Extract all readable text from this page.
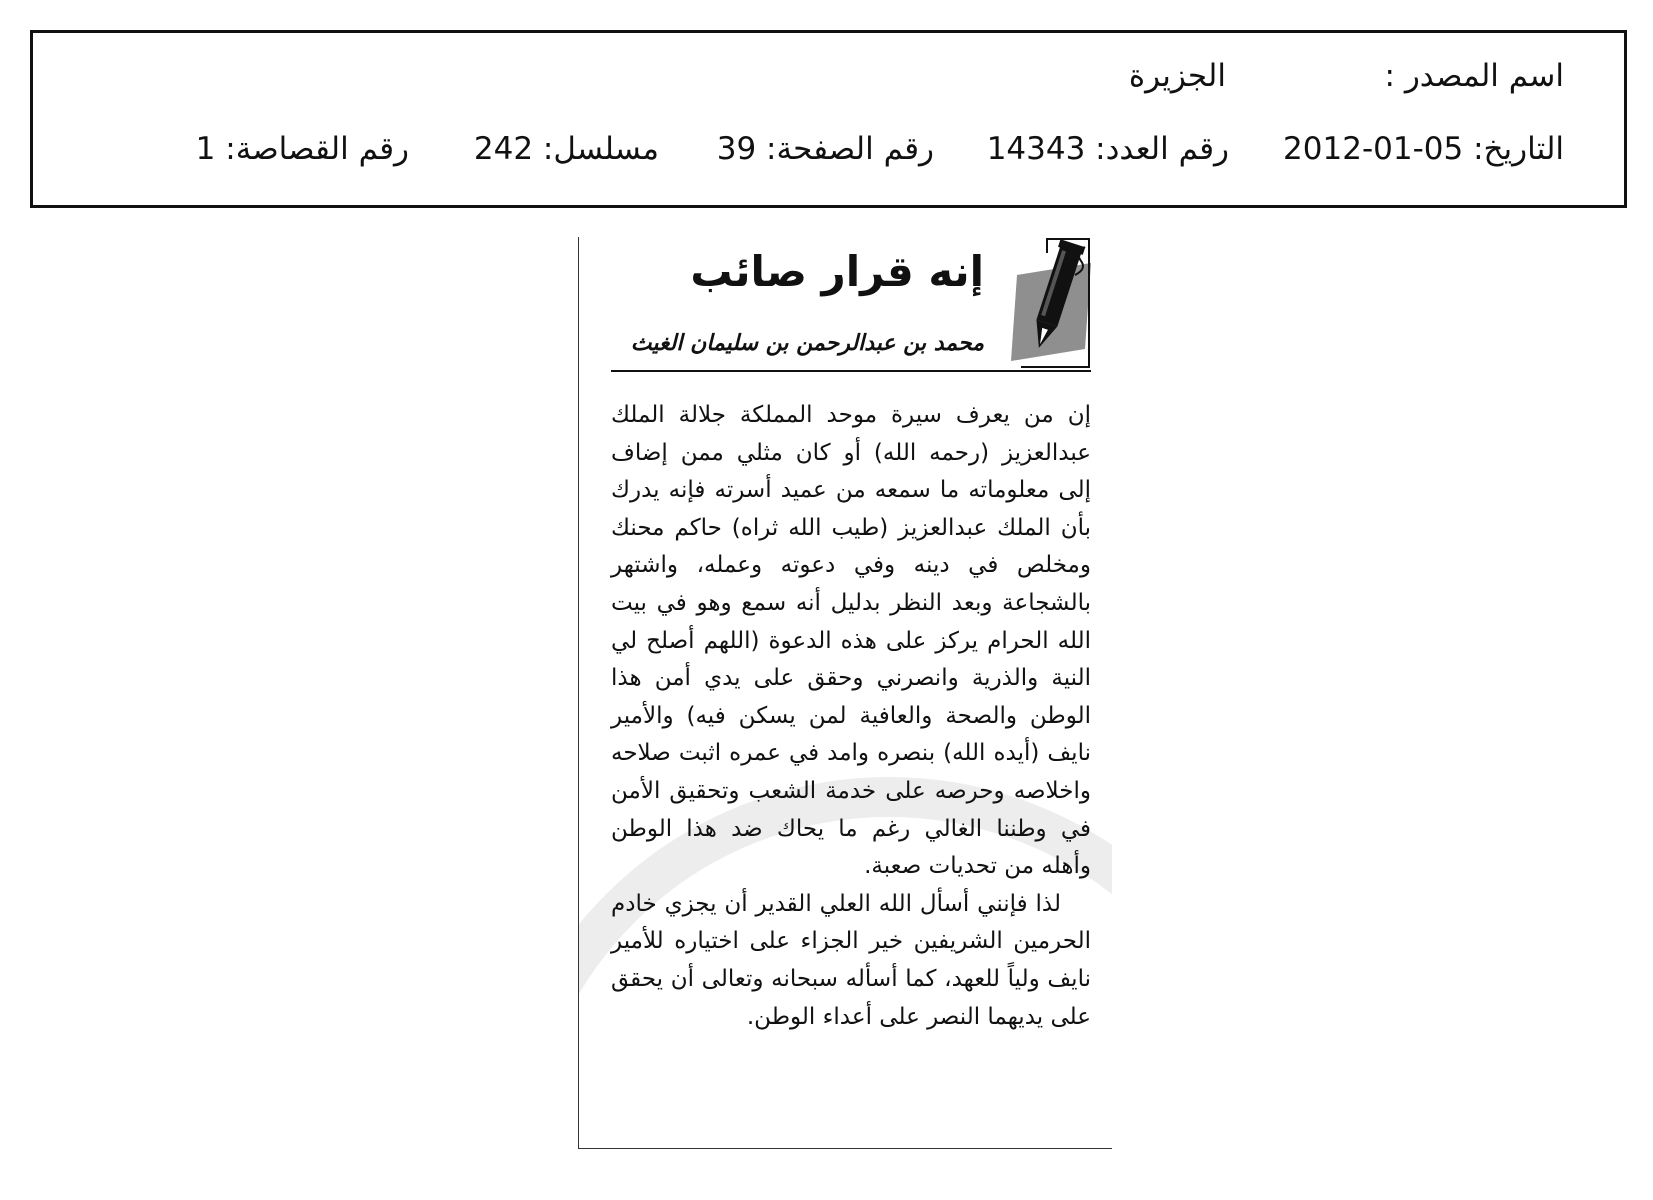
اسم المصدر :
الجزيرة
التاريخ: 05-01-2012
رقم العدد: 14343
رقم الصفحة: 39
مسلسل: 242
رقم القصاصة: 1
إنه قرار صائب
محمد بن عبدالرحمن بن سليمان الغيث

إن من يعرف سيرة موحد المملكة جلالة الملك عبدالعزيز (رحمه الله) أو كان مثلي ممن إضاف إلى معلوماته ما سمعه من عميد أسرته فإنه يدرك بأن الملك عبدالعزيز (طيب الله ثراه) حاكم محنك ومخلص في دينه وفي دعوته وعمله، واشتهر بالشجاعة وبعد النظر بدليل أنه سمع وهو في بيت الله الحرام يركز على هذه الدعوة (اللهم أصلح لي النية والذرية وانصرني وحقق على يدي أمن هذا الوطن والصحة والعافية لمن يسكن فيه) والأمير نايف (أيده الله) بنصره وامد في عمره اثبت صلاحه واخلاصه وحرصه على خدمة الشعب وتحقيق الأمن في وطننا الغالي رغم ما يحاك ضد هذا الوطن وأهله من تحديات صعبة.

لذا فإنني أسأل الله العلي القدير أن يجزي خادم الحرمين الشريفين خير الجزاء على اختياره للأمير نايف ولياً للعهد، كما أسأله سبحانه وتعالى أن يحقق على يديهما النصر على أعداء الوطن.
